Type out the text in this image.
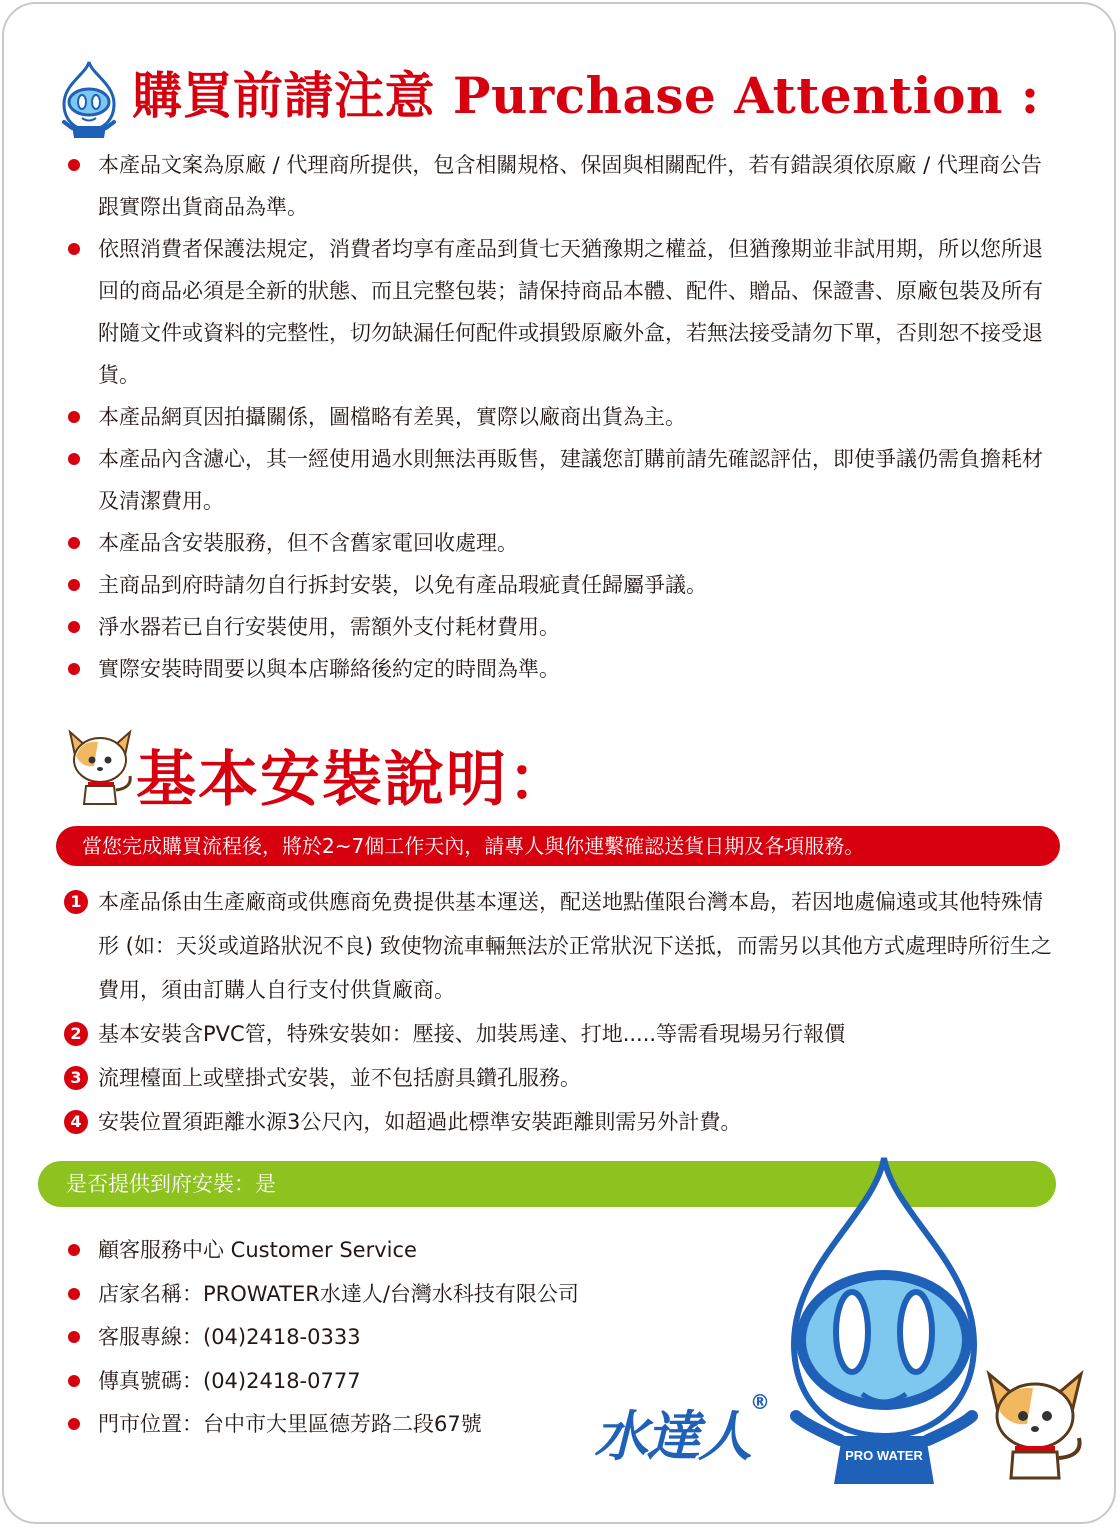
購買前請注意 Purchase Attention :
本產品文案為原廠 / 代理商所提供，包含相關規格、保固與相關配件，若有錯誤須依原廠 / 代理商公告跟實際出貨商品為準。
依照消費者保護法規定，消費者均享有產品到貨七天猶豫期之權益，但猶豫期並非試用期，所以您所退回的商品必須是全新的狀態、而且完整包裝；請保持商品本體、配件、贈品、保證書、原廠包裝及所有附隨文件或資料的完整性，切勿缺漏任何配件或損毀原廠外盒，若無法接受請勿下單，否則恕不接受退貨。
本產品網頁因拍攝關係，圖檔略有差異，實際以廠商出貨為主。
本產品內含濾心，其一經使用過水則無法再販售，建議您訂購前請先確認評估，即使爭議仍需負擔耗材及清潔費用。
本產品含安裝服務，但不含舊家電回收處理。
主商品到府時請勿自行拆封安裝，以免有產品瑕疵責任歸屬爭議。
淨水器若已自行安裝使用，需額外支付耗材費用。
實際安裝時間要以與本店聯絡後約定的時間為準。
基本安裝說明：
當您完成購買流程後，將於2~7個工作天內，請專人與你連繫確認送貨日期及各項服務。
1 本產品係由生產廠商或供應商免费提供基本運送，配送地點僅限台灣本島，若因地處偏遠或其他特殊情形 (如：天災或道路狀況不良) 致使物流車輛無法於正常狀況下送抵，而需另以其他方式處理時所衍生之費用，須由訂購人自行支付供貨廠商。
2 基本安裝含PVC管，特殊安裝如：壓接、加裝馬達、打地.....等需看現場另行報價
3 流理檯面上或壁掛式安裝，並不包括廚具鑽孔服務。
4 安裝位置須距離水源3公尺內，如超過此標準安裝距離則需另外計費。
是否提供到府安裝：是
顧客服務中心 Customer Service
店家名稱：PROWATER水達人/台灣水科技有限公司
客服專線：(04)2418-0333
傳真號碼：(04)2418-0777
門市位置：台中市大里區德芳路二段67號	水達人®
PRO WATER
